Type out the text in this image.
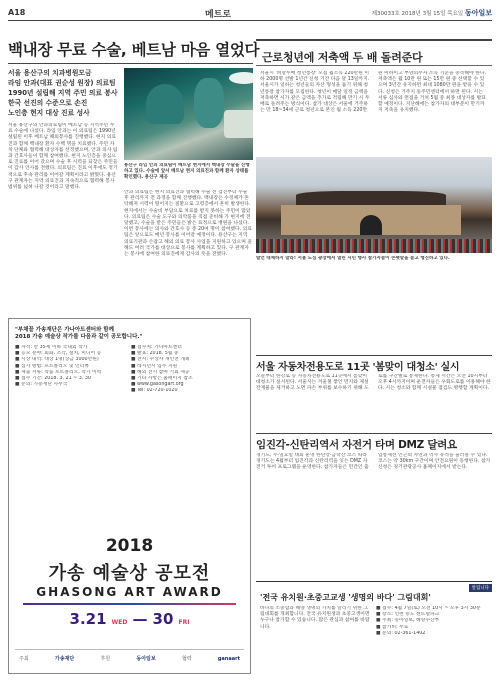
A18	메트로	제30033호 2018년 3월 15일 목요일 동아일보
백내장 무료 수술, 베트남 마음 열었다
서울 용산구의 치과병원모금
라임 안과(대표 권순성 원장) 의료팀
1990년 설립해 지역 주민 의료 봉사
한국 선진의 수준으로 손진
노인층 현지 대상 진료 성사
서울 용산구의 안과의료팀이 베트남 등 지역주민 무료 수술에 나섰다. 라임 안과는 이 의료팀은 1990년 설립된 이후 베트남 해외봉사를 진행했다. 현지 의료진과 함께 백내장 환자 수백 명을 치료했다. 주민 자치 단체와 협력해 대상자를 선정했으며, 안과 의사 팀과 간호사들이 함께 참여했다. 현지 노인층을 중심으로 진료를 이어 갔으며 수술 후 시력을 되찾은 주민들이 감사 인사를 전했다. 의료팀은 진료 이후에도 정기적으로 후속 관리를 이어갈 계획이라고 밝혔다. 용산구 관계자는 지역 의료진과 지속적으로 협력해 봉사 범위를 넓혀 나갈 것이라고 말했다.
용산구 라임 안과 의료팀이 베트남 현지에서 백내장 수술을 진행하고 있다. 수술에 앞서 베트남 현지 의료진과 함께 환자 상태를 확인했다. 용산구 제공
안과 의료팀은 현지 의료진과 협력해 수술 전 검진부터 수술 후 관리까지 전 과정을 함께 진행했다. 백내장은 수정체가 혼탁해져 시력이 떨어지는 질환으로 고령층에서 흔히 발생한다. 현지에서는 수술비 부담으로 치료를 받지 못하는 주민이 많았다. 의료팀은 수술 도구와 의약품을 직접 준비해 가 현지에 전달했고, 수술을 받은 주민들은 밝은 표정으로 병원을 나섰다. 이번 봉사에는 의사와 간호사 등 총 20여 명이 참여했다. 의료팀은 앞으로도 매년 봉사를 이어갈 예정이다. 용산구는 지역 의료기관과 손잡고 해외 의료 봉사 사업을 지원하고 있으며 올해도 여러 국가를 대상으로 봉사를 계획하고 있다. 구 관계자는 봉사에 참여한 의료진에게 감사의 뜻을 전했다.
근로청년에 저축액 두 배 돌려준다
서울시 '희망두배 청년통장' 모집 월소득 220만원 이하 2000명 선발 1년간 신청 기간 다음 달 13일까지. 서울시가 일하는 청년들의 자산 형성을 돕기 위해 청년통장 참가자를 모집한다. 청년이 매달 일정 금액을 저축하면 시가 같은 금액을 추가로 적립해 만기 시 두 배로 돌려주는 방식이다. 참가 대상은 서울에 거주하는 만 18~34세 근로 청년으로 본인 월 소득 220만 원 이하이고 부양의무자 소득 기준을 충족해야 한다. 저축액은 월 10만 원 또는 15만 원 중 선택할 수 있으며 3년간 유지하면 최대 1080만 원을 받을 수 있다. 신청은 거주지 동주민센터에서 하면 된다. 시는 서류 심사와 면접을 거쳐 5월 중 최종 대상자를 발표할 예정이다. 지난해에는 참가자의 대부분이 만기까지 저축을 유지했다.
발언 대체하지 말라! 서울 도심 광장에서 열린 시민 행사 참가자들이 손팻말을 들고 행진하고 있다.
서울 자동차전용도로 11곳 '봄맞이 대청소' 실시
오늘부터 한강로 등 자동차전용도로 11곳에서 봄맞이 대청소가 실시된다. 서울시는 겨울철 쌓인 먼지와 제설 잔재물을 제거하고 노면 파손 부위를 보수하기 위해 도로를 구간별로 통제한다. 통제 시간은 오전 10시부터 오후 4시까지이며 운전자들은 우회도로를 이용해야 한다. 시는 청소와 함께 시설물 점검도 병행할 계획이다.
임진각-신탄리역서 자전거 타며 DMZ 달려요
경기도, 수·일요일 대회 운영 한탄강·금학산 코스 따라 경기도는 4월부터 임진각과 신탄리역을 잇는 DMZ 자전거 투어 프로그램을 운영한다. 참가자들은 민간인 출입통제선 인근의 자연과 역사 유적을 둘러볼 수 있다. 코스는 약 30km 구간이며 안전요원이 동행한다. 참가 신청은 경기관광공사 홈페이지에서 받는다.
알립니다
'전국 유치원·초중고교생 '생명의 바다' 그림대회'
바다의 소중함과 해양 생명의 가치를 알리기 위한 그림대회를 개최합니다. 전국 유치원생과 초중고생이면 누구나 참가할 수 있습니다. 많은 관심과 참여를 바랍니다.
■ 접수: 4월 7일(토) 오전 10시 ~ 오후 3시 30분
■ 장소: 인천 송도 센트럴파크
■ 주최: 동아일보, 해양수산부
■ 참가비: 무료
■ 문의: 02-361-1402
"부채꼴 가송재단은 가나아트센터와 함께
2018 가송 예술상 작가를 다음과 같이 공모합니다."
■ 자격: 만 35세 이하 국내외 작가
■ 응모 분야: 회화, 조각, 설치, 미디어 등
■ 시상 내역: 대상 1명(상금 3000만원)
■ 심사 방법: 포트폴리오 및 인터뷰
■ 제출 서류: 작품 포트폴리오, 작가 이력
■ 접수 기간: 2018. 3. 21 ~ 3. 30
■ 문의: 가송재단 사무국
■ 접수처: 가나아트센터
■ 발표: 2018. 5월 중
■ 전시: 수상자 개인전 개최
■ 레지던시 입주 지원
■ 해외 전시 참여 기회 제공
■ 기타 사항은 홈페이지 참조
■ www.gasongart.org
■ Tel: 02-720-1020
2018
가송 예술상 공모전
GHASONG ART AWARD
3.21 WED — 30 FRI
주최	가송재단	후원	동아일보	협력	ganaart
